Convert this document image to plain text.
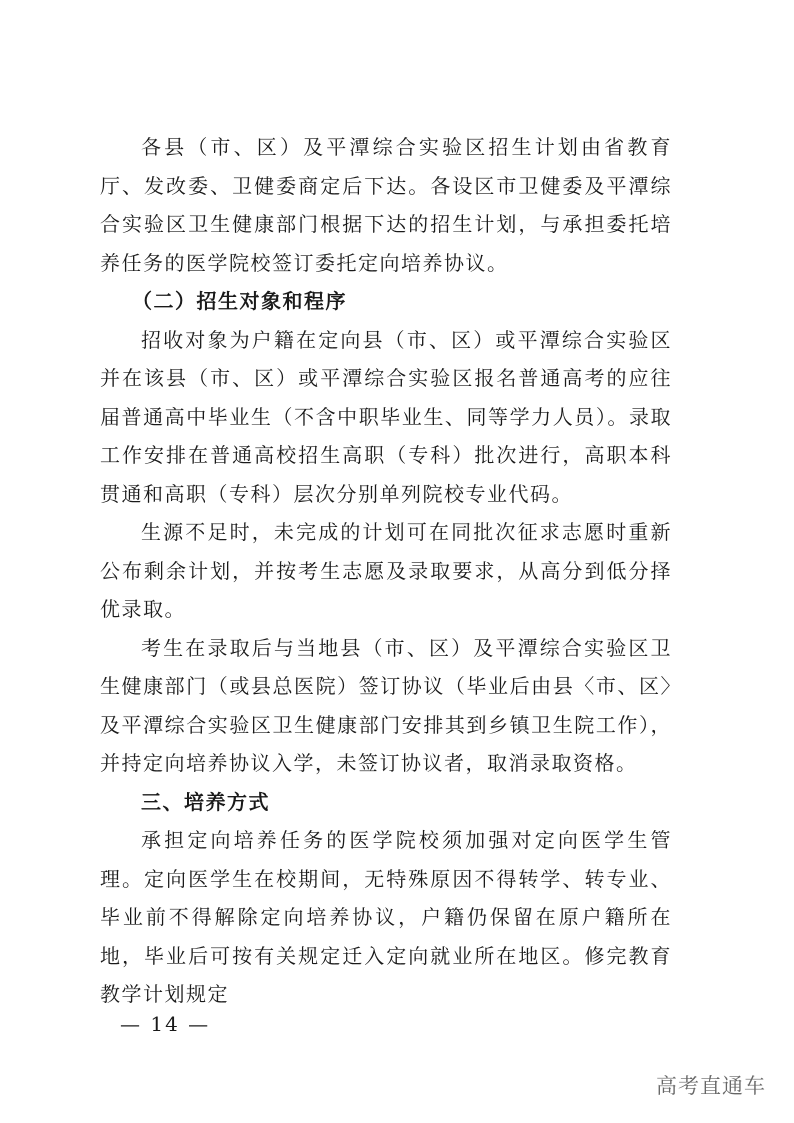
各县（市、区）及平潭综合实验区招生计划由省教育厅、发改委、卫健委商定后下达。各设区市卫健委及平潭综合实验区卫生健康部门根据下达的招生计划，与承担委托培养任务的医学院校签订委托定向培养协议。

（二）招生对象和程序

招收对象为户籍在定向县（市、区）或平潭综合实验区并在该县（市、区）或平潭综合实验区报名普通高考的应往届普通高中毕业生（不含中职毕业生、同等学力人员）。录取工作安排在普通高校招生高职（专科）批次进行，高职本科贯通和高职（专科）层次分别单列院校专业代码。

生源不足时，未完成的计划可在同批次征求志愿时重新公布剩余计划，并按考生志愿及录取要求，从高分到低分择优录取。

考生在录取后与当地县（市、区）及平潭综合实验区卫生健康部门（或县总医院）签订协议（毕业后由县〈市、区〉及平潭综合实验区卫生健康部门安排其到乡镇卫生院工作），并持定向培养协议入学，未签订协议者，取消录取资格。

三、培养方式

承担定向培养任务的医学院校须加强对定向医学生管理。定向医学生在校期间，无特殊原因不得转学、转专业、毕业前不得解除定向培养协议，户籍仍保留在原户籍所在地，毕业后可按有关规定迁入定向就业所在地区。修完教育教学计划规定

— 14 —
高考直通车
